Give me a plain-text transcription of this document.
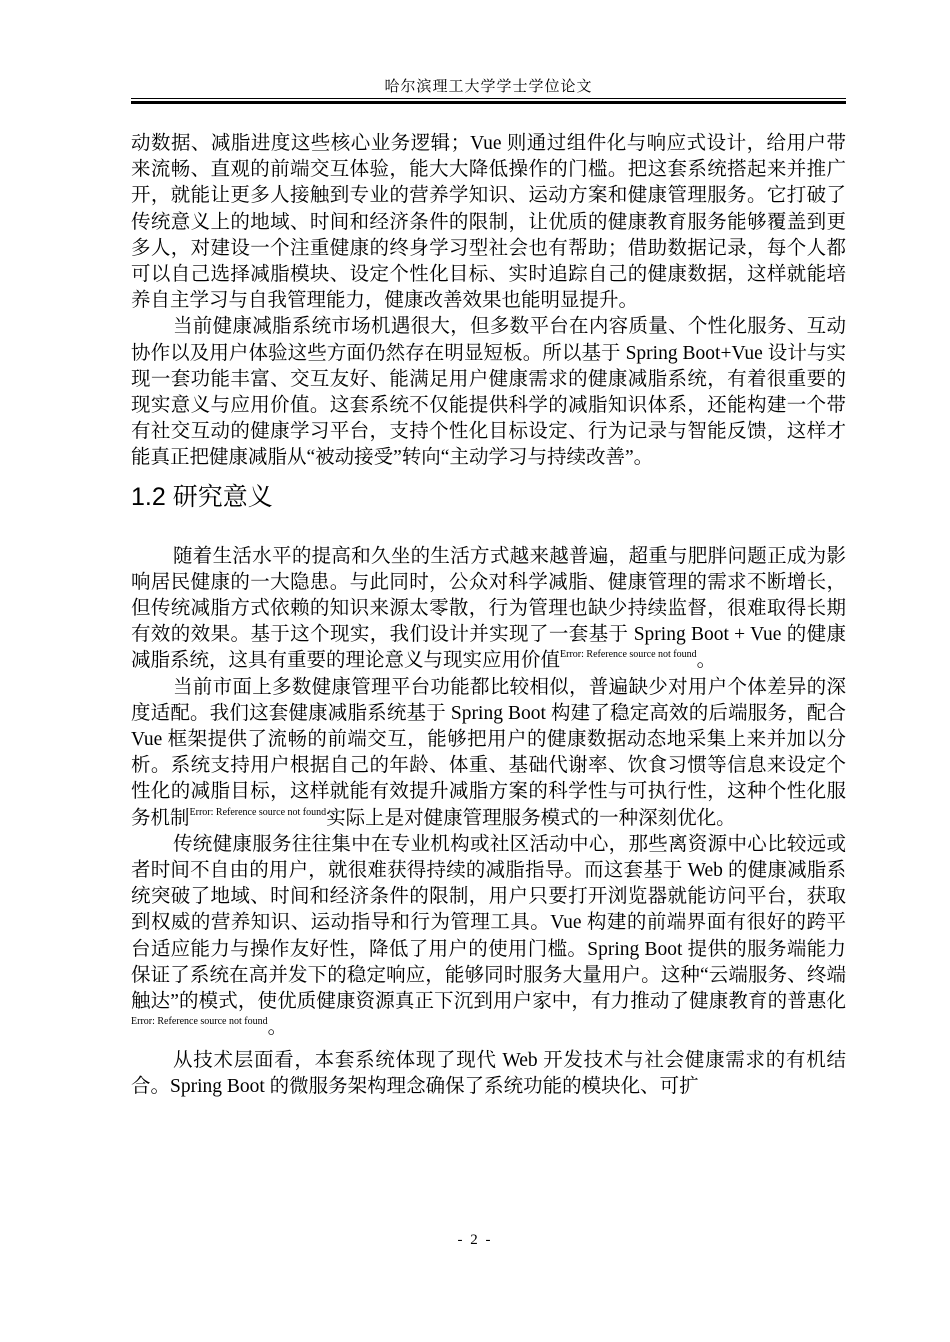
哈尔滨理工大学学士学位论文

动数据、减脂进度这些核心业务逻辑；Vue 则通过组件化与响应式设计，给用户带来流畅、直观的前端交互体验，能大大降低操作的门槛。把这套系统搭起来并推广开，就能让更多人接触到专业的营养学知识、运动方案和健康管理服务。它打破了传统意义上的地域、时间和经济条件的限制，让优质的健康教育服务能够覆盖到更多人，对建设一个注重健康的终身学习型社会也有帮助；借助数据记录，每个人都可以自己选择减脂模块、设定个性化目标、实时追踪自己的健康数据，这样就能培养自主学习与自我管理能力，健康改善效果也能明显提升。

当前健康减脂系统市场机遇很大，但多数平台在内容质量、个性化服务、互动协作以及用户体验这些方面仍然存在明显短板。所以基于 Spring Boot+Vue 设计与实现一套功能丰富、交互友好、能满足用户健康需求的健康减脂系统，有着很重要的现实意义与应用价值。这套系统不仅能提供科学的减脂知识体系，还能构建一个带有社交互动的健康学习平台，支持个性化目标设定、行为记录与智能反馈，这样才能真正把健康减脂从“被动接受”转向“主动学习与持续改善”。

1.2 研究意义

随着生活水平的提高和久坐的生活方式越来越普遍，超重与肥胖问题正成为影响居民健康的一大隐患。与此同时，公众对科学减脂、健康管理的需求不断增长，但传统减脂方式依赖的知识来源太零散，行为管理也缺少持续监督，很难取得长期有效的效果。基于这个现实，我们设计并实现了一套基于 Spring Boot + Vue 的健康减脂系统，这具有重要的理论意义与现实应用价值$^{Error: Reference source not found}$。

当前市面上多数健康管理平台功能都比较相似，普遍缺少对用户个体差异的深度适配。我们这套健康减脂系统基于 Spring Boot 构建了稳定高效的后端服务，配合 Vue 框架提供了流畅的前端交互，能够把用户的健康数据动态地采集上来并加以分析。系统支持用户根据自己的年龄、体重、基础代谢率、饮食习惯等信息来设定个性化的减脂目标，这样就能有效提升减脂方案的科学性与可执行性，这种个性化服务机制$^{Error: Reference source not found}$实际上是对健康管理服务模式的一种深刻优化。

传统健康服务往往集中在专业机构或社区活动中心，那些离资源中心比较远或者时间不自由的用户，就很难获得持续的减脂指导。而这套基于 Web 的健康减脂系统突破了地域、时间和经济条件的限制，用户只要打开浏览器就能访问平台，获取到权威的营养知识、运动指导和行为管理工具。Vue 构建的前端界面有很好的跨平台适应能力与操作友好性，降低了用户的使用门槛。Spring Boot 提供的服务端能力保证了系统在高并发下的稳定响应，能够同时服务大量用户。这种“云端服务、终端触达”的模式，使优质健康资源真正下沉到用户家中，有力推动了健康教育的普惠化$^{Error: Reference source not found}$。

从技术层面看，本套系统体现了现代 Web 开发技术与社会健康需求的有机结合。Spring Boot 的微服务架构理念确保了系统功能的模块化、可扩

- 2 -
